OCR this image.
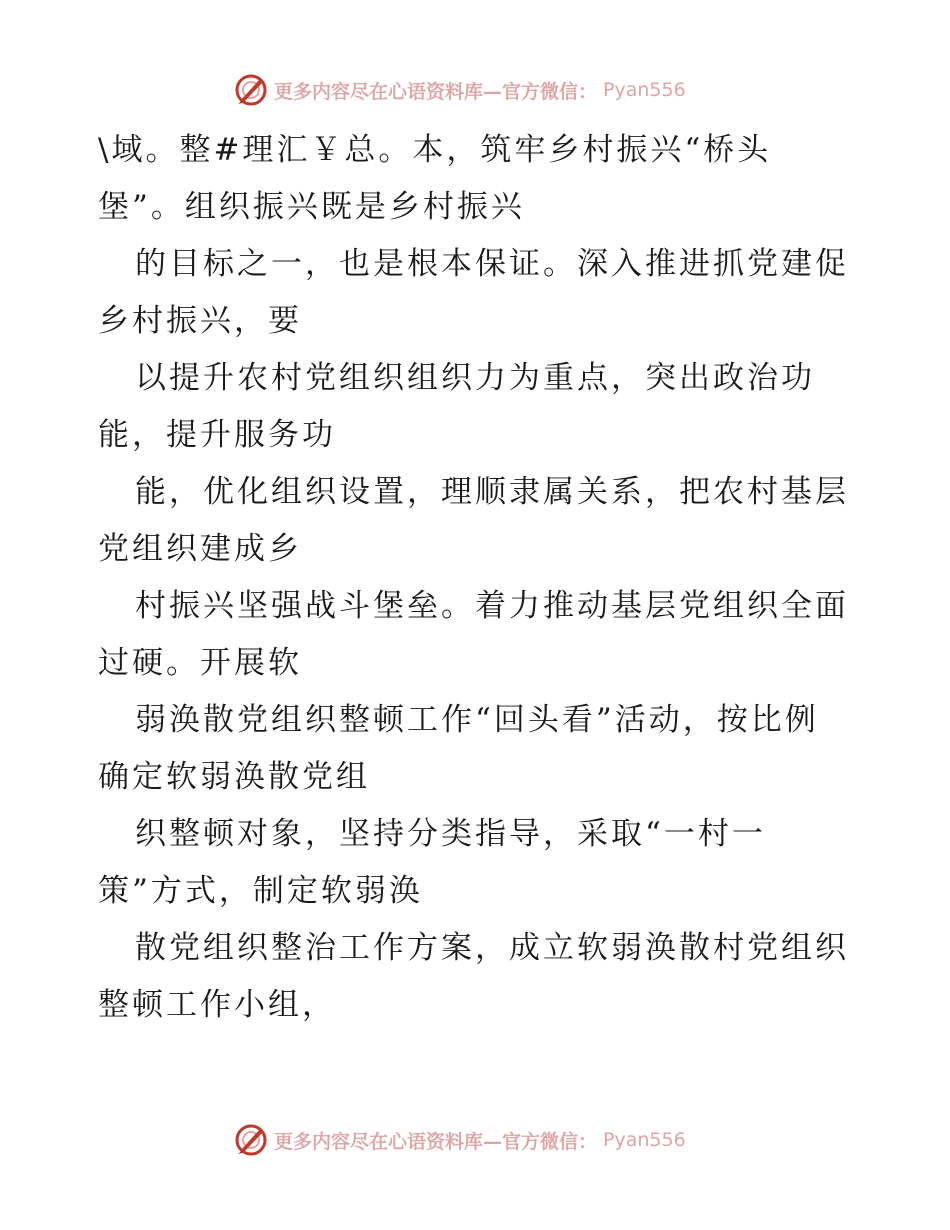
更多内容尽在心语资料库—官方微信： Pyan556
\域。整#理汇￥总。本，筑牢乡村振兴“桥头
堡”。组织振兴既是乡村振兴
的目标之一，也是根本保证。深入推进抓党建促
乡村振兴，要
以提升农村党组织组织力为重点，突出政治功
能，提升服务功
能，优化组织设置，理顺隶属关系，把农村基层
党组织建成乡
村振兴坚强战斗堡垒。着力推动基层党组织全面
过硬。开展软
弱涣散党组织整顿工作“回头看”活动，按比例
确定软弱涣散党组
织整顿对象，坚持分类指导，采取“一村一
策”方式，制定软弱涣
散党组织整治工作方案，成立软弱涣散村党组织
整顿工作小组，
更多内容尽在心语资料库—官方微信： Pyan556
